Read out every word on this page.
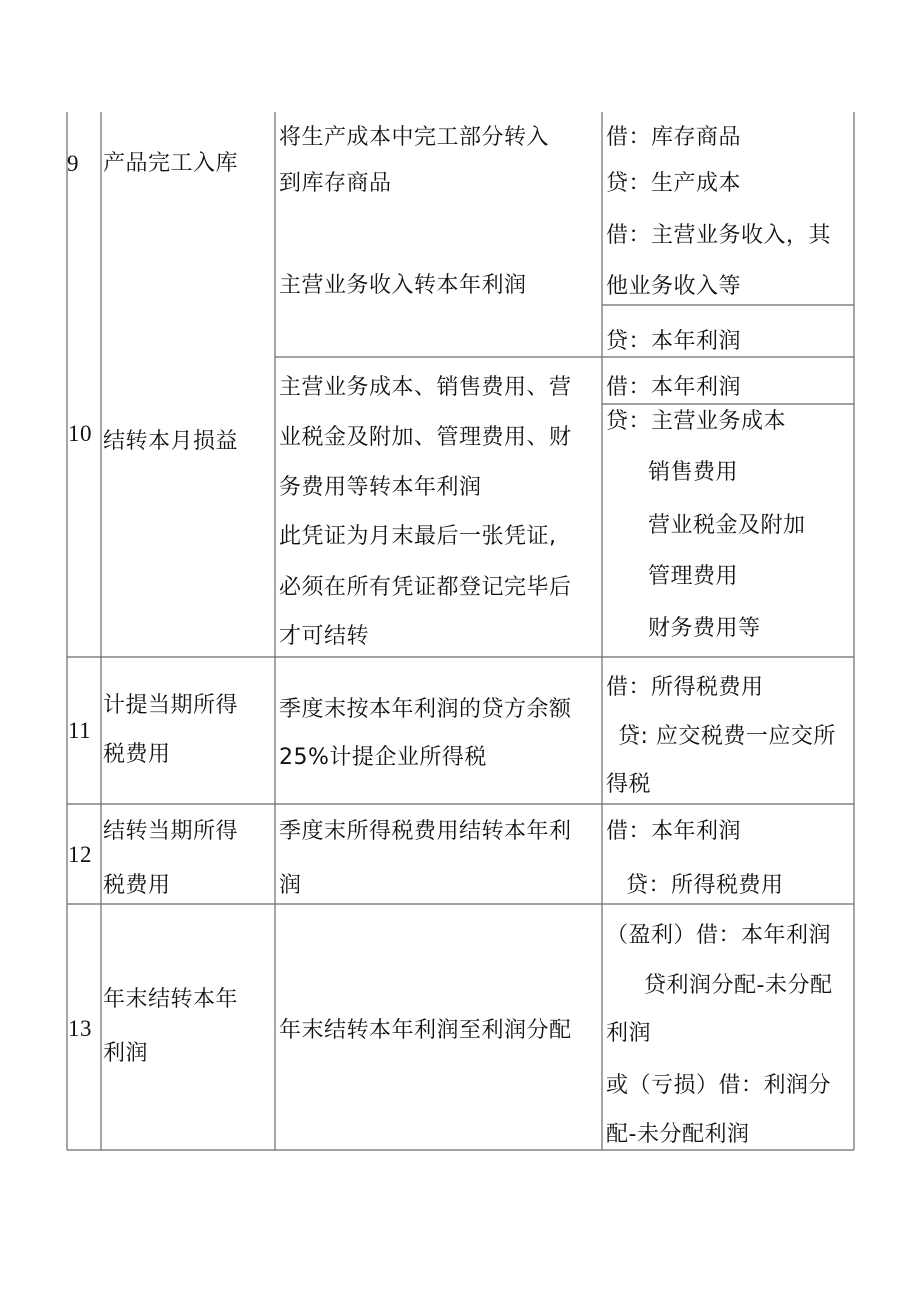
9 产品完工入库
将生产成本中完工部分转入
到库存商品
借：库存商品
贷：生产成本
主营业务收入转本年利润
借：主营业务收入，其
他业务收入等
贷：本年利润
10 结转本月损益
主营业务成本、销售费用、营
业税金及附加、管理费用、财
务费用等转本年利润
此凭证为月末最后一张凭证,
必须在所有凭证都登记完毕后
才可结转
借：本年利润
贷：主营业务成本
销售费用
营业税金及附加
管理费用
财务费用等
11
计提当期所得
税费用
季度末按本年利润的贷方余额
25%计提企业所得税
借：所得税费用
贷: 应交税费一应交所
得税
12
结转当期所得
税费用
季度末所得税费用结转本年利
润
借：本年利润
贷：所得税费用
13
年末结转本年
利润
年末结转本年利润至利润分配
（盈利）借：本年利润
贷利润分配-未分配
利润
或（亏损）借：利润分
配-未分配利润
